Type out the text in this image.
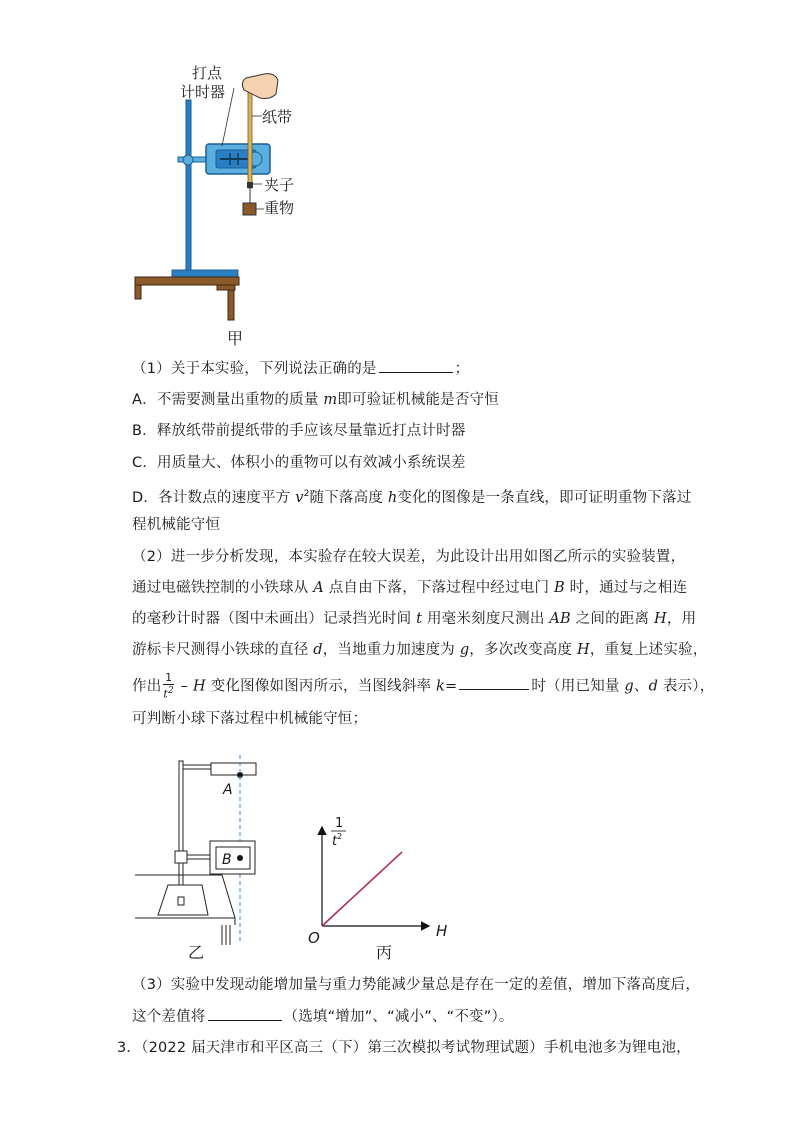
打点
计时器
纸带
夹子
重物
甲
（1）关于本实验，下列说法正确的是	；
A．不需要测量出重物的质量 m即可验证机械能是否守恒
B．释放纸带前提纸带的手应该尽量靠近打点计时器
C．用质量大、体积小的重物可以有效减小系统误差
D．各计数点的速度平方 $v^2$随下落高度 h变化的图像是一条直线，即可证明重物下落过
程机械能守恒
（2）进一步分析发现，本实验存在较大误差，为此设计出用如图乙所示的实验装置，
通过电磁铁控制的小铁球从 A 点自由下落，下落过程中经过电门 B 时，通过与之相连
的毫秒计时器（图中未画出）记录挡光时间 t 用毫米刻度尺测出 AB 之间的距离 H，用
游标卡尺测得小铁球的直径 d，当地重力加速度为 g，多次改变高度 H，重复上述实验，
作出 $\frac{1}{t^2}$ – H 变化图像如图丙所示，当图线斜率 k=	时（用已知量 g、d 表示），
可判断小球下落过程中机械能守恒；
A
B
乙
1
$t^2$
H
O
丙
（3）实验中发现动能增加量与重力势能减少量总是存在一定的差值，增加下落高度后，
这个差值将	（选填“增加”、“减小”、“不变”）。
3．（2022 届天津市和平区高三（下）第三次模拟考试物理试题）手机电池多为锂电池，
